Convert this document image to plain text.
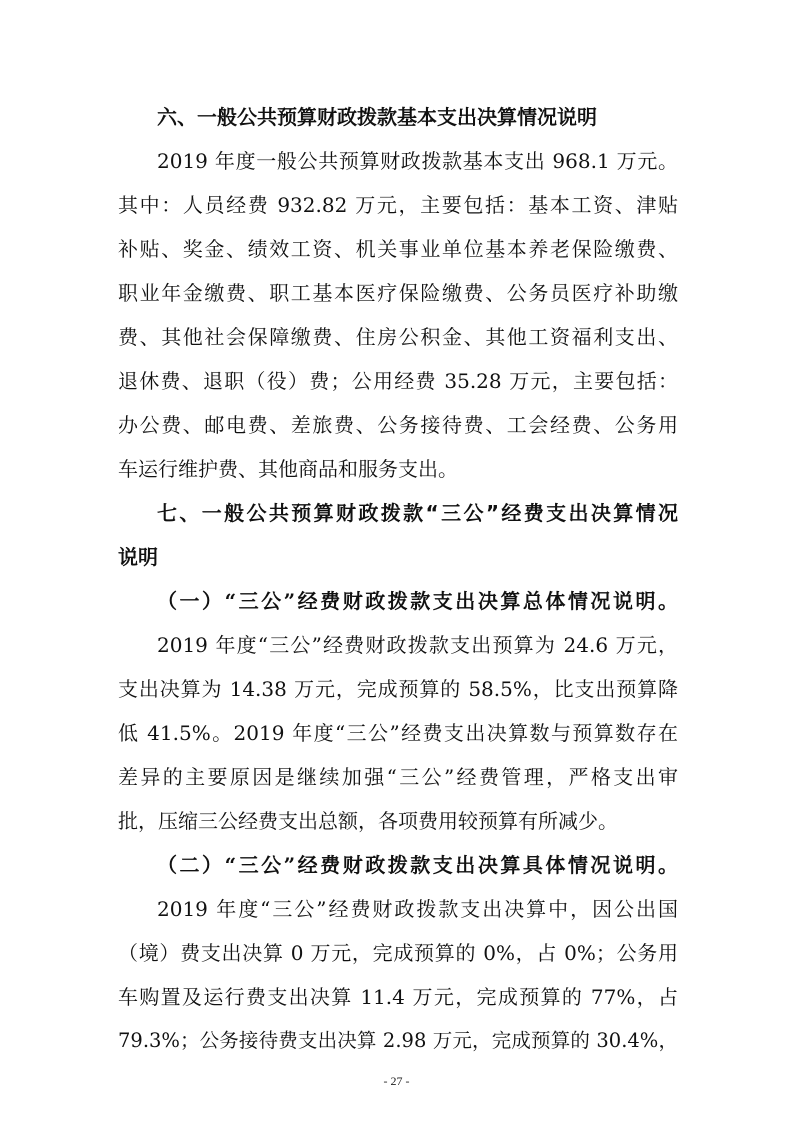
六、一般公共预算财政拨款基本支出决算情况说明
2019 年度一般公共预算财政拨款基本支出 968.1 万元。
其中：人员经费 932.82 万元，主要包括：基本工资、津贴
补贴、奖金、绩效工资、机关事业单位基本养老保险缴费、
职业年金缴费、职工基本医疗保险缴费、公务员医疗补助缴
费、其他社会保障缴费、住房公积金、其他工资福利支出、
退休费、退职（役）费；公用经费 35.28 万元，主要包括：
办公费、邮电费、差旅费、公务接待费、工会经费、公务用
车运行维护费、其他商品和服务支出。
七、一般公共预算财政拨款“三公”经费支出决算情况
说明
（一）“三公”经费财政拨款支出决算总体情况说明。
2019 年度“三公”经费财政拨款支出预算为 24.6 万元，
支出决算为 14.38 万元，完成预算的 58.5%，比支出预算降
低 41.5%。2019 年度“三公”经费支出决算数与预算数存在
差异的主要原因是继续加强“三公”经费管理，严格支出审
批，压缩三公经费支出总额，各项费用较预算有所减少。
（二）“三公”经费财政拨款支出决算具体情况说明。
2019 年度“三公”经费财政拨款支出决算中，因公出国
（境）费支出决算 0 万元，完成预算的 0%，占 0%；公务用
车购置及运行费支出决算 11.4 万元，完成预算的 77%，占
79.3%；公务接待费支出决算 2.98 万元，完成预算的 30.4%，
- 27 -
